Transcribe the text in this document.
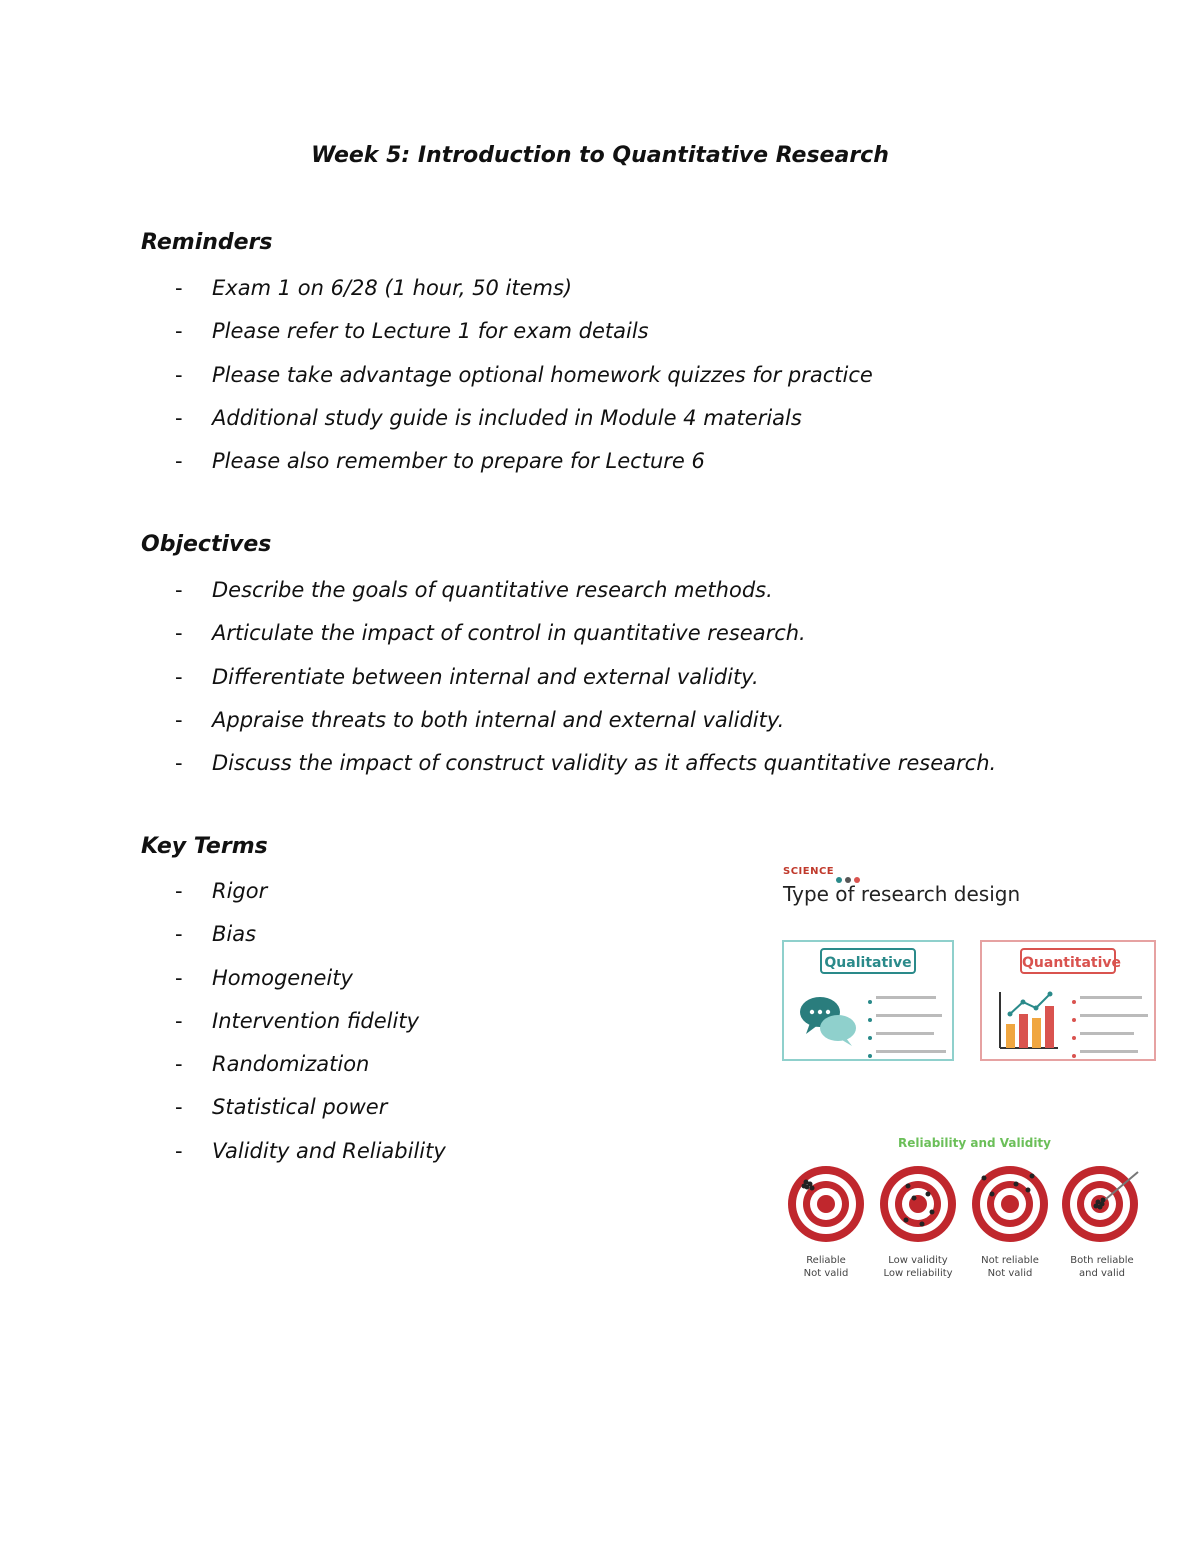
Week 5: Introduction to Quantitative Research
Reminders
- Exam 1 on 6/28 (1 hour, 50 items)
- Please refer to Lecture 1 for exam details
- Please take advantage optional homework quizzes for practice
- Additional study guide is included in Module 4 materials
- Please also remember to prepare for Lecture 6
Objectives
- Describe the goals of quantitative research methods.
- Articulate the impact of control in quantitative research.
- Differentiate between internal and external validity.
- Appraise threats to both internal and external validity.
- Discuss the impact of construct validity as it affects quantitative research.
Key Terms
- Rigor
- Bias
- Homogeneity
- Intervention fidelity
- Randomization
- Statistical power
- Validity and Reliability
SCIENCE
Type of research design
Qualitative	Quantitative
Reliability and Validity
Reliable
Not valid
Low validity
Low reliability
Not reliable
Not valid
Both reliable
and valid
